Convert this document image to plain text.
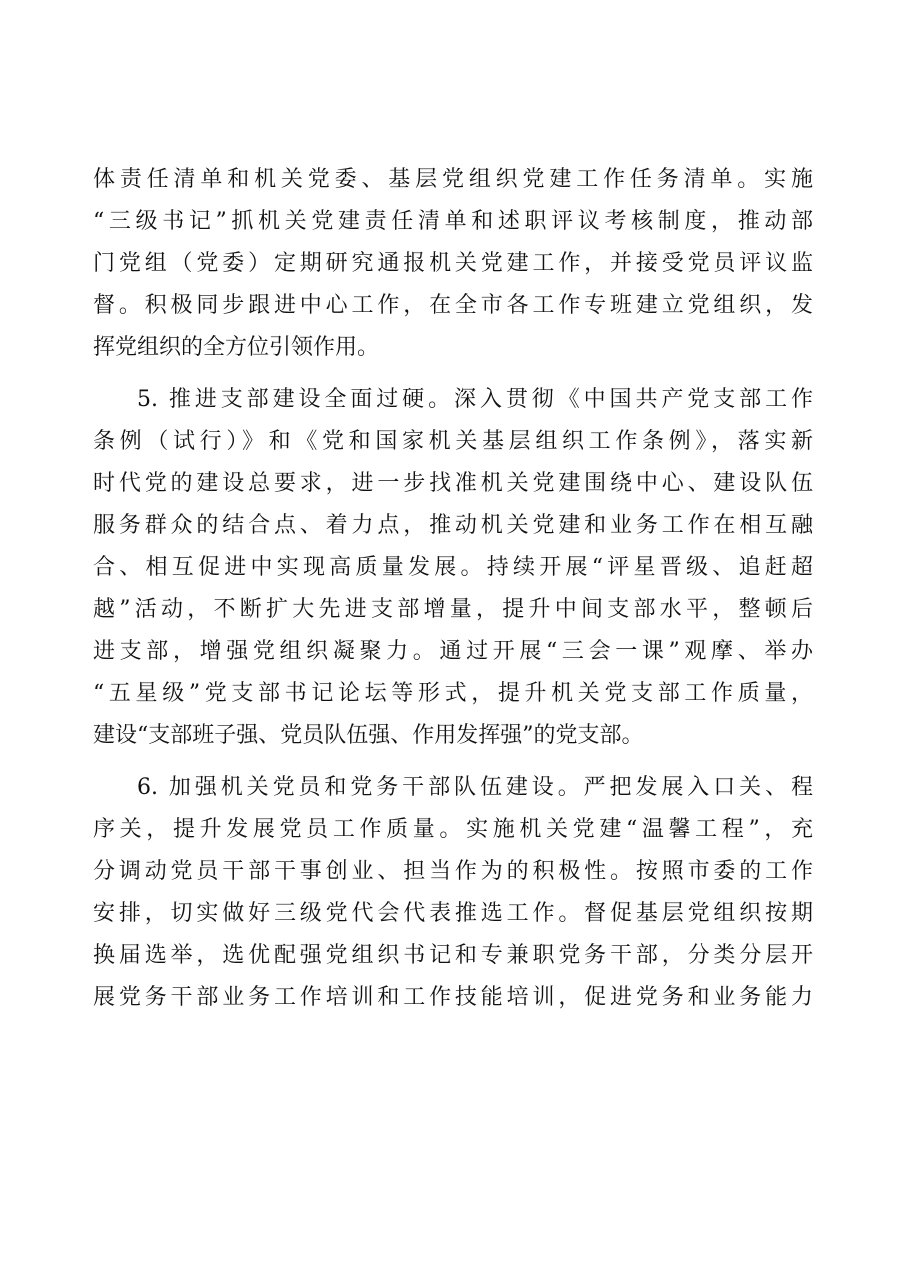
体责任清单和机关党委、基层党组织党建工作任务清单。实施
“三级书记”抓机关党建责任清单和述职评议考核制度，推动部
门党组（党委）定期研究通报机关党建工作，并接受党员评议监
督。积极同步跟进中心工作，在全市各工作专班建立党组织，发
挥党组织的全方位引领作用。
5. 推进支部建设全面过硬。深入贯彻《中国共产党支部工作
条例（试行）》和《党和国家机关基层组织工作条例》，落实新
时代党的建设总要求，进一步找准机关党建围绕中心、建设队伍
服务群众的结合点、着力点，推动机关党建和业务工作在相互融
合、相互促进中实现高质量发展。持续开展“评星晋级、追赶超
越”活动，不断扩大先进支部增量，提升中间支部水平，整顿后
进支部，增强党组织凝聚力。通过开展“三会一课”观摩、举办
“五星级”党支部书记论坛等形式，提升机关党支部工作质量，
建设“支部班子强、党员队伍强、作用发挥强”的党支部。
6. 加强机关党员和党务干部队伍建设。严把发展入口关、程
序关，提升发展党员工作质量。实施机关党建“温馨工程”，充
分调动党员干部干事创业、担当作为的积极性。按照市委的工作
安排，切实做好三级党代会代表推选工作。督促基层党组织按期
换届选举，选优配强党组织书记和专兼职党务干部，分类分层开
展党务干部业务工作培训和工作技能培训，促进党务和业务能力
